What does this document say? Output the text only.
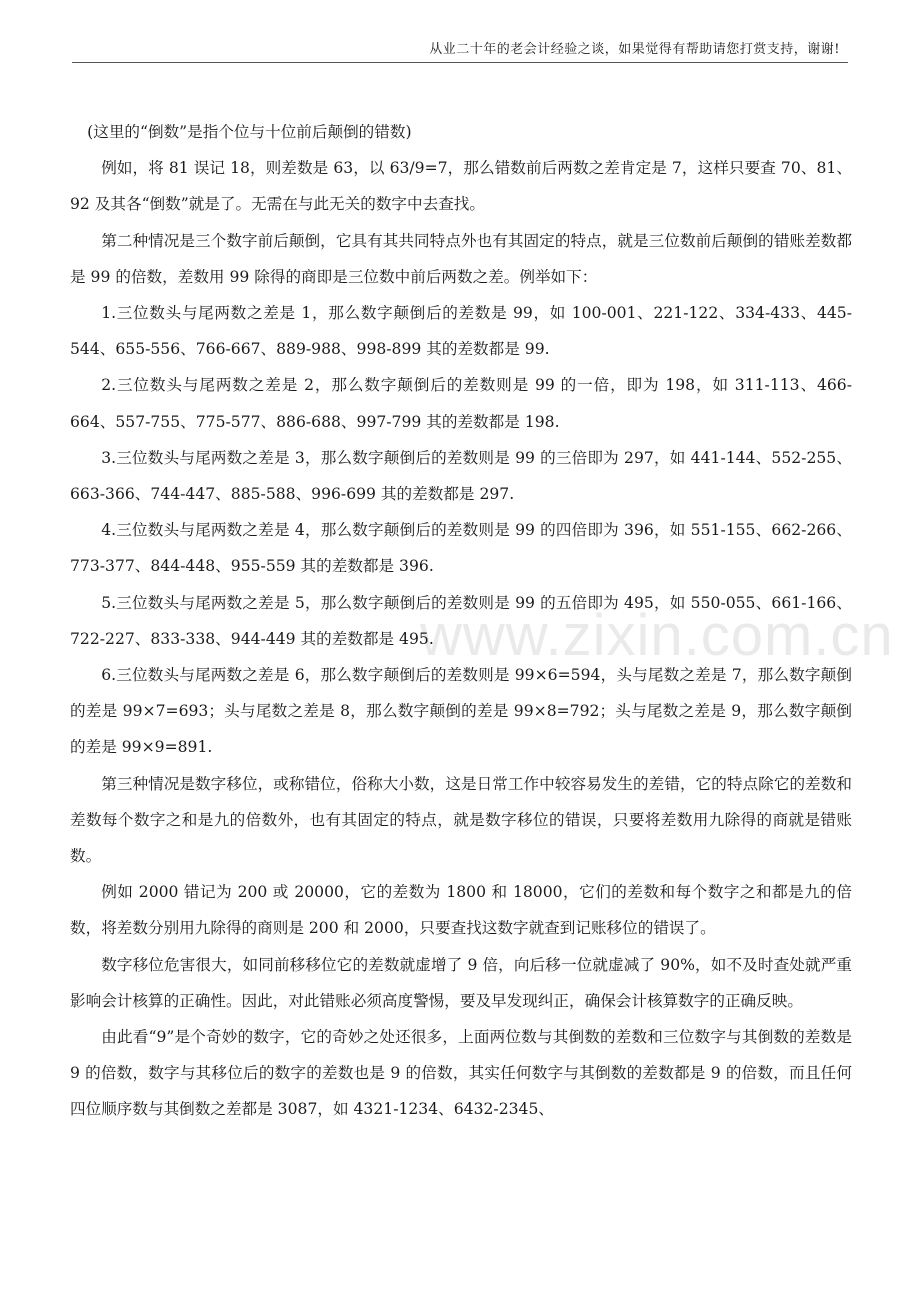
从业二十年的老会计经验之谈，如果觉得有帮助请您打赏支持，谢谢!
www.zixin.com.cn

(这里的“倒数”是指个位与十位前后颠倒的错数)

例如，将 81 误记 18，则差数是 63，以 63/9=7，那么错数前后两数之差肯定是 7，这样只要查 70、81、92 及其各“倒数”就是了。无需在与此无关的数字中去查找。

第二种情况是三个数字前后颠倒，它具有其共同特点外也有其固定的特点，就是三位数前后颠倒的错账差数都是 99 的倍数，差数用 99 除得的商即是三位数中前后两数之差。例举如下：

1.三位数头与尾两数之差是 1，那么数字颠倒后的差数是 99，如 100-001、221-122、334-433、445-544、655-556、766-667、889-988、998-899 其的差数都是 99.

2.三位数头与尾两数之差是 2，那么数字颠倒后的差数则是 99 的一倍，即为 198，如 311-113、466-664、557-755、775-577、886-688、997-799 其的差数都是 198.

3.三位数头与尾两数之差是 3，那么数字颠倒后的差数则是 99 的三倍即为 297，如 441-144、552-255、663-366、744-447、885-588、996-699 其的差数都是 297.

4.三位数头与尾两数之差是 4，那么数字颠倒后的差数则是 99 的四倍即为 396，如 551-155、662-266、773-377、844-448、955-559 其的差数都是 396.

5.三位数头与尾两数之差是 5，那么数字颠倒后的差数则是 99 的五倍即为 495，如 550-055、661-166、722-227、833-338、944-449 其的差数都是 495.

6.三位数头与尾两数之差是 6，那么数字颠倒后的差数则是 99×6=594，头与尾数之差是 7，那么数字颠倒的差是 99×7=693；头与尾数之差是 8，那么数字颠倒的差是 99×8=792；头与尾数之差是 9，那么数字颠倒的差是 99×9=891.

第三种情况是数字移位，或称错位，俗称大小数，这是日常工作中较容易发生的差错，它的特点除它的差数和差数每个数字之和是九的倍数外，也有其固定的特点，就是数字移位的错误，只要将差数用九除得的商就是错账数。

例如 2000 错记为 200 或 20000，它的差数为 1800 和 18000，它们的差数和每个数字之和都是九的倍数，将差数分别用九除得的商则是 200 和 2000，只要查找这数字就查到记账移位的错误了。

数字移位危害很大，如同前移移位它的差数就虚增了 9 倍，向后移一位就虚减了 90%，如不及时查处就严重影响会计核算的正确性。因此，对此错账必须高度警惕，要及早发现纠正，确保会计核算数字的正确反映。

由此看“9”是个奇妙的数字，它的奇妙之处还很多，上面两位数与其倒数的差数和三位数字与其倒数的差数是 9 的倍数，数字与其移位后的数字的差数也是 9 的倍数，其实任何数字与其倒数的差数都是 9 的倍数，而且任何四位顺序数与其倒数之差都是 3087，如 4321-1234、6432-2345、
